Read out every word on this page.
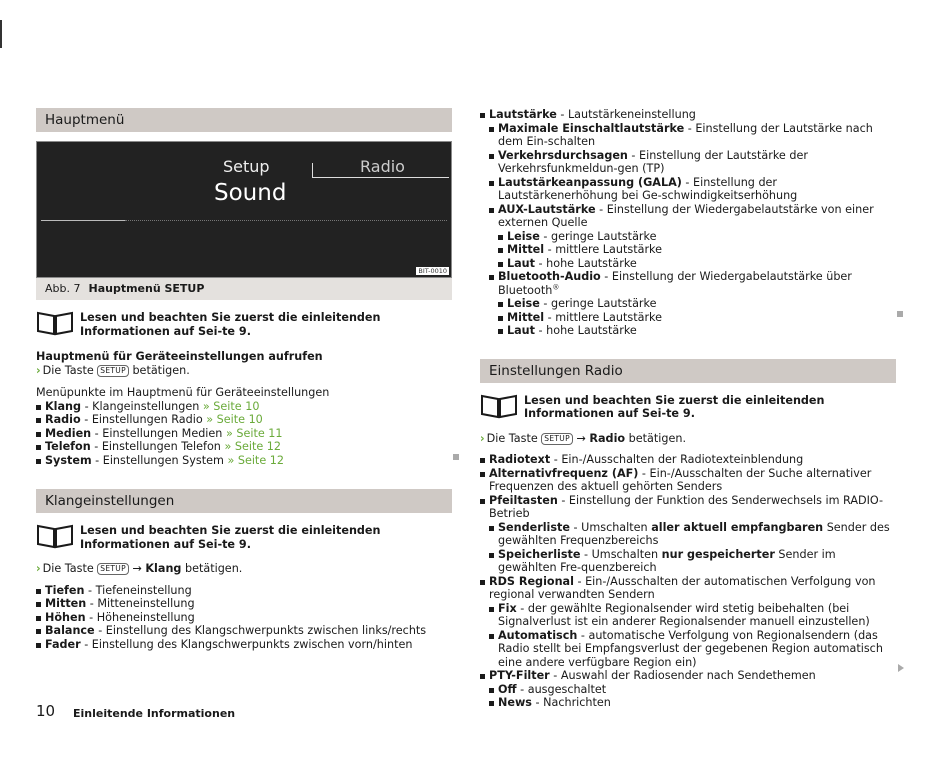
Hauptmenü
Setup	Radio
Sound
BIT-0010
Abb. 7 Hauptmenü SETUP
Lesen und beachten Sie zuerst die einleitenden Informationen auf Sei-te 9.

Hauptmenü für Geräteeinstellungen aufrufen

› Die Taste SETUP betätigen.

Menüpunkte im Hauptmenü für Geräteeinstellungen

Klang - Klangeinstellungen » Seite 10
Radio - Einstellungen Radio » Seite 10
Medien - Einstellungen Medien » Seite 11
Telefon - Einstellungen Telefon » Seite 12
System - Einstellungen System » Seite 12
Klangeinstellungen
Lesen und beachten Sie zuerst die einleitenden Informationen auf Sei-te 9.

› Die Taste SETUP → Klang betätigen.

Tiefen - Tiefeneinstellung
Mitten - Mitteneinstellung
Höhen - Höheneinstellung
Balance - Einstellung des Klangschwerpunkts zwischen links/rechts
Fader - Einstellung des Klangschwerpunkts zwischen vorn/hinten
Lautstärke - Lautstärkeneinstellung
Maximale Einschaltlautstärke - Einstellung der Lautstärke nach dem Ein-schalten
Verkehrsdurchsagen - Einstellung der Lautstärke der Verkehrsfunkmeldun-gen (TP)
Lautstärkeanpassung (GALA) - Einstellung der Lautstärkenerhöhung bei Ge-schwindigkeitserhöhung
AUX-Lautstärke - Einstellung der Wiedergabelautstärke von einer externen Quelle
Leise - geringe Lautstärke
Mittel - mittlere Lautstärke
Laut - hohe Lautstärke
Bluetooth-Audio - Einstellung der Wiedergabelautstärke über Bluetooth®
Leise - geringe Lautstärke
Mittel - mittlere Lautstärke
Laut - hohe Lautstärke
Einstellungen Radio
Lesen und beachten Sie zuerst die einleitenden Informationen auf Sei-te 9.

› Die Taste SETUP → Radio betätigen.

Radiotext - Ein-/Ausschalten der Radiotexteinblendung
Alternativfrequenz (AF) - Ein-/Ausschalten der Suche alternativer Frequenzen des aktuell gehörten Senders
Pfeiltasten - Einstellung der Funktion des Senderwechsels im RADIO-Betrieb
Senderliste - Umschalten aller aktuell empfangbaren Sender des gewählten Frequenzbereichs
Speicherliste - Umschalten nur gespeicherter Sender im gewählten Fre-quenzbereich
RDS Regional - Ein-/Ausschalten der automatischen Verfolgung von regional verwandten Sendern
Fix - der gewählte Regionalsender wird stetig beibehalten (bei Signalverlust ist ein anderer Regionalsender manuell einzustellen)
Automatisch - automatische Verfolgung von Regionalsendern (das Radio stellt bei Empfangsverlust der gegebenen Region automatisch eine andere verfügbare Region ein)
PTY-Filter - Auswahl der Radiosender nach Sendethemen
Off - ausgeschaltet
News - Nachrichten
10 Einleitende Informationen
